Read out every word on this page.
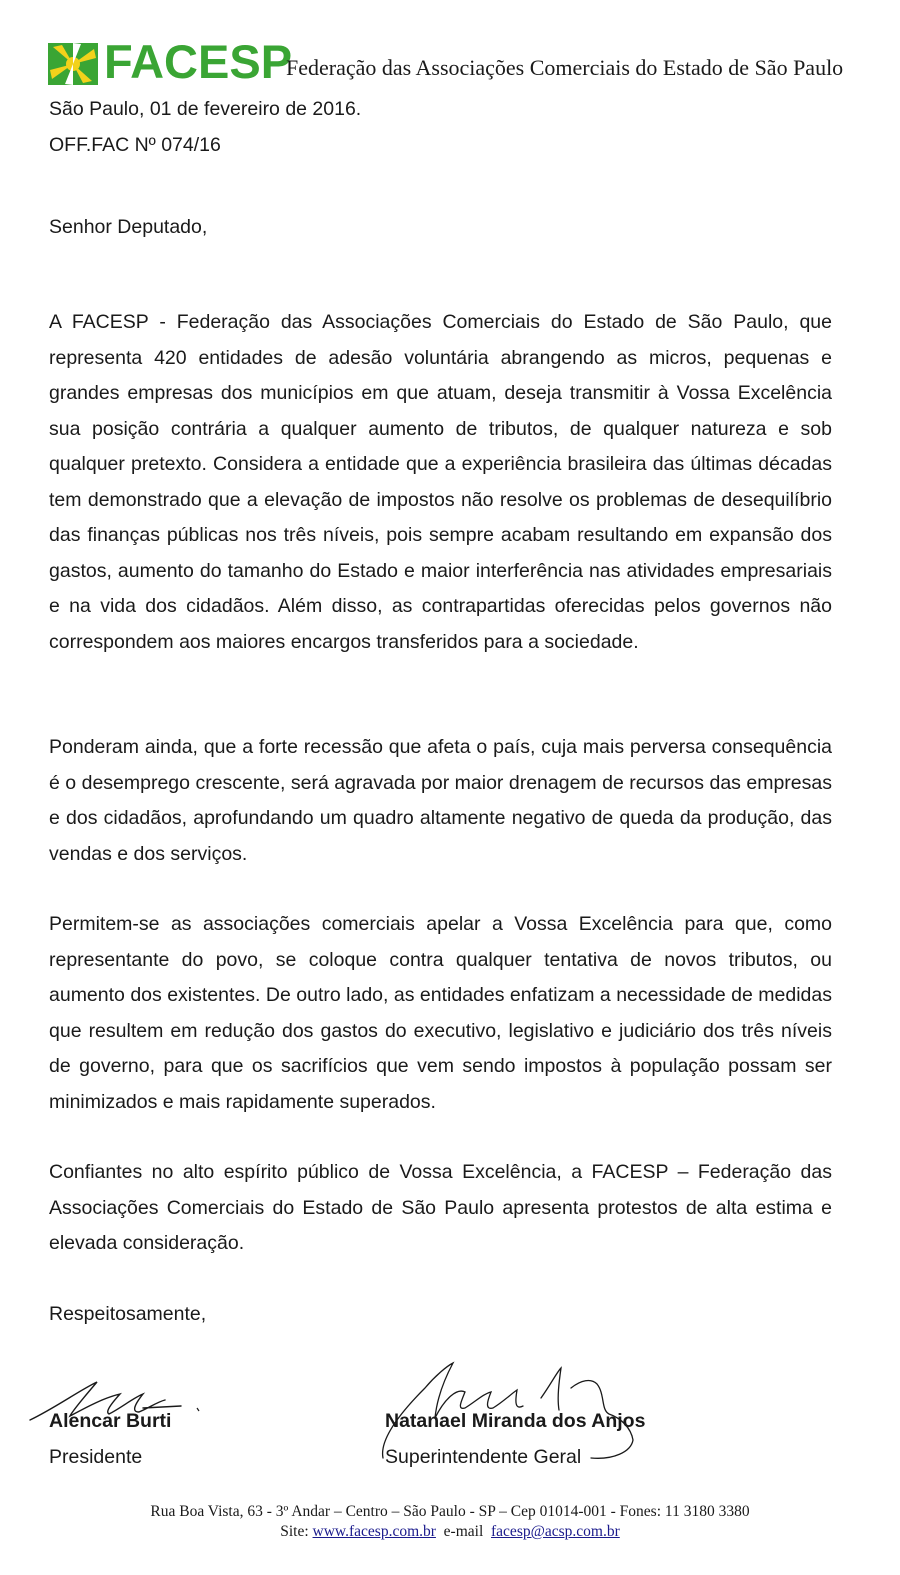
FACESP
Federação das Associações Comerciais do Estado de São Paulo
São Paulo, 01 de fevereiro de 2016.
OFF.FAC Nº 074/16
Senhor Deputado,

A FACESP - Federação das Associações Comerciais do Estado de São Paulo, que representa 420 entidades de adesão voluntária abrangendo as micros, pequenas e grandes empresas dos municípios em que atuam, deseja transmitir à Vossa Excelência sua posição contrária a qualquer aumento de tributos, de qualquer natureza e sob qualquer pretexto. Considera a entidade que a experiência brasileira das últimas décadas tem demonstrado que a elevação de impostos não resolve os problemas de desequilíbrio das finanças públicas nos três níveis, pois sempre acabam resultando em expansão dos gastos, aumento do tamanho do Estado e maior interferência nas atividades empresariais e na vida dos cidadãos. Além disso, as contrapartidas oferecidas pelos governos não correspondem aos maiores encargos transferidos para a sociedade.

Ponderam ainda, que a forte recessão que afeta o país, cuja mais perversa consequência é o desemprego crescente, será agravada por maior drenagem de recursos das empresas e dos cidadãos, aprofundando um quadro altamente negativo de queda da produção, das vendas e dos serviços.

Permitem-se as associações comerciais apelar a Vossa Excelência para que, como representante do povo, se coloque contra qualquer tentativa de novos tributos, ou aumento dos existentes. De outro lado, as entidades enfatizam a necessidade de medidas que resultem em redução dos gastos do executivo, legislativo e judiciário dos três níveis de governo, para que os sacrifícios que vem sendo impostos à população possam ser minimizados e mais rapidamente superados.

Confiantes no alto espírito público de Vossa Excelência, a FACESP – Federação das Associações Comerciais do Estado de São Paulo apresenta protestos de alta estima e elevada consideração.

Respeitosamente,
Alencar Burti
Presidente
Natanael Miranda dos Anjos
Superintendente Geral
Rua Boa Vista, 63 - 3º Andar – Centro – São Paulo - SP – Cep 01014-001 - Fones: 11 3180 3380
Site: www.facesp.com.br e-mail facesp@acsp.com.br
